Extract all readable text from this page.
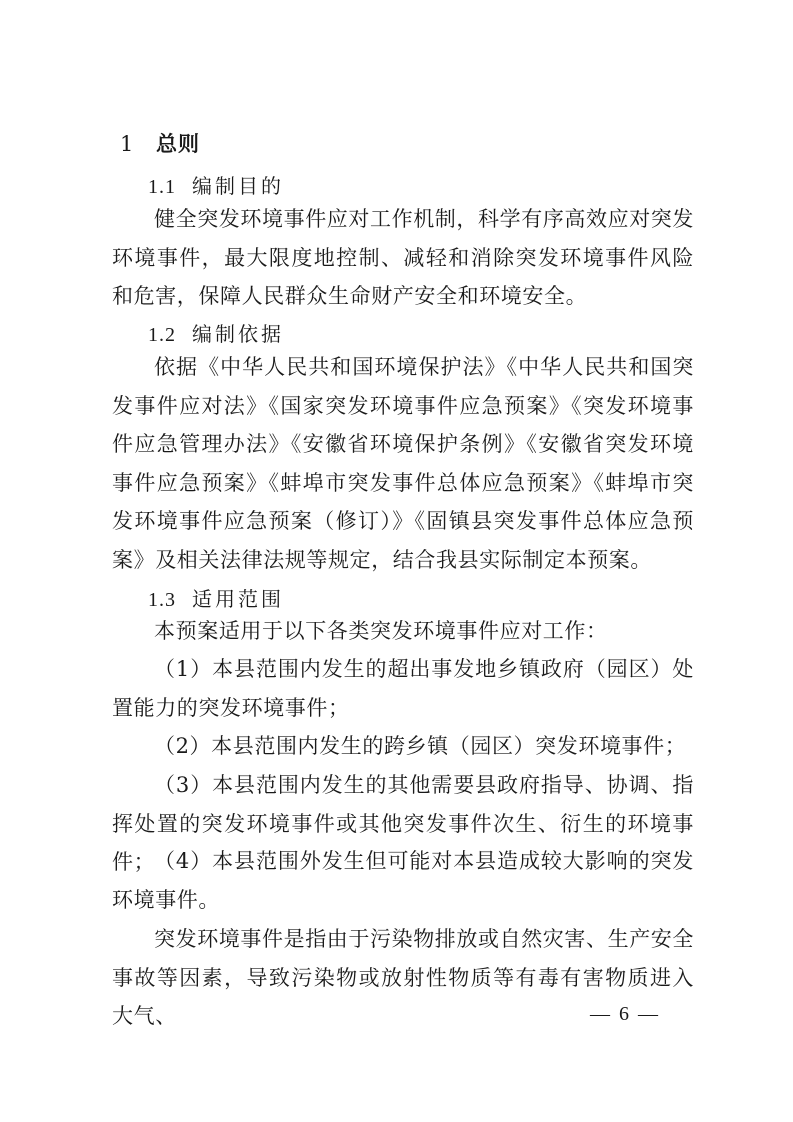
1 总则
1.1 编制目的

健全突发环境事件应对工作机制，科学有序高效应对突发环境事件，最大限度地控制、减轻和消除突发环境事件风险和危害，保障人民群众生命财产安全和环境安全。

1.2 编制依据

依据《中华人民共和国环境保护法》《中华人民共和国突发事件应对法》《国家突发环境事件应急预案》《突发环境事件应急管理办法》《安徽省环境保护条例》《安徽省突发环境事件应急预案》《蚌埠市突发事件总体应急预案》《蚌埠市突发环境事件应急预案（修订）》《固镇县突发事件总体应急预案》及相关法律法规等规定，结合我县实际制定本预案。

1.3 适用范围

本预案适用于以下各类突发环境事件应对工作：

（1）本县范围内发生的超出事发地乡镇政府（园区）处置能力的突发环境事件；

（2）本县范围内发生的跨乡镇（园区）突发环境事件；

（3）本县范围内发生的其他需要县政府指导、协调、指挥处置的突发环境事件或其他突发事件次生、衍生的环境事件；

（4）本县范围外发生但可能对本县造成较大影响的突发环境事件。

突发环境事件是指由于污染物排放或自然灾害、生产安全事故等因素，导致污染物或放射性物质等有毒有害物质进入大气、	— 6 —
